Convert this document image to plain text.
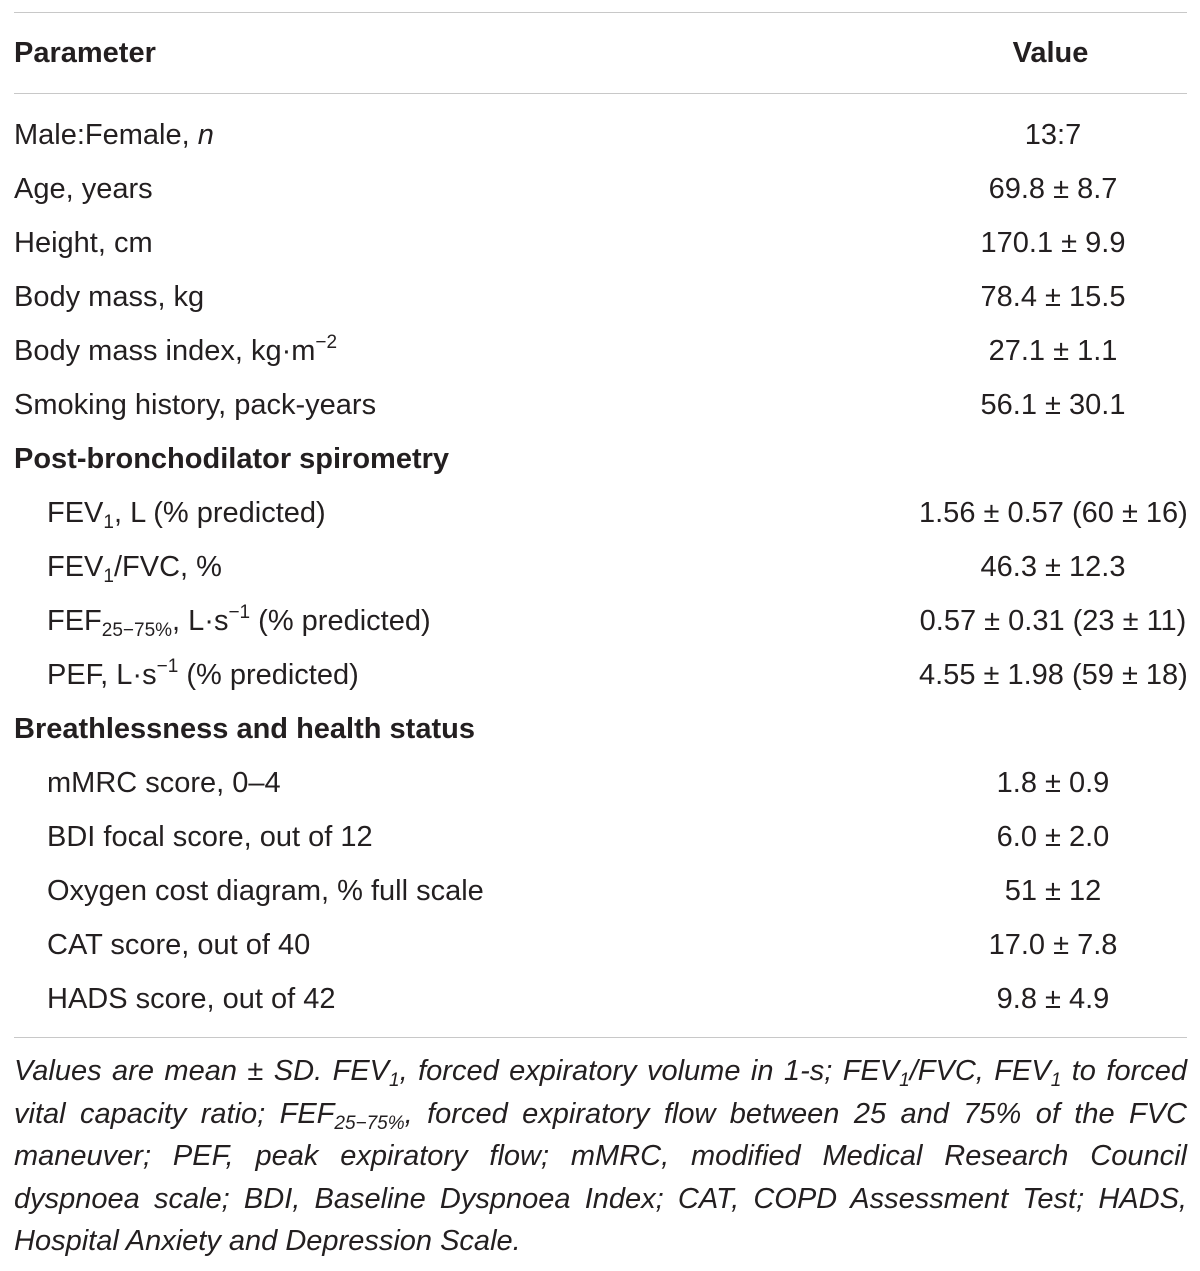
Parameter	Value

Male:Female, n	13:7
Age, years	69.8 ± 8.7
Height, cm	170.1 ± 9.9
Body mass, kg	78.4 ± 15.5
Body mass index, $kg\cdot m^{-2}$	27.1 ± 1.1
Smoking history, pack-years	56.1 ± 30.1
Post-bronchodilator spirometry	
$FEV_1$, L (% predicted)	1.56 ± 0.57 (60 ± 16)
$FEV_1$/FVC, %	46.3 ± 12.3
$FEF_{25-75\%}$, $L\cdot s^{-1}$ (% predicted)	0.57 ± 0.31 (23 ± 11)
PEF, $L\cdot s^{-1}$ (% predicted)	4.55 ± 1.98 (59 ± 18)
Breathlessness and health status	
mMRC score, 0–4	1.8 ± 0.9
BDI focal score, out of 12	6.0 ± 2.0
Oxygen cost diagram, % full scale	51 ± 12
CAT score, out of 40	17.0 ± 7.8
HADS score, out of 42	9.8 ± 4.9
Values are mean ± SD. $FEV_1$, forced expiratory volume in 1-s; $FEV_1$/FVC, $FEV_1$ to forced vital capacity ratio; $FEF_{25-75\%}$, forced expiratory flow between 25 and 75% of the FVC maneuver; PEF, peak expiratory flow; mMRC, modified Medical Research Council dyspnoea scale; BDI, Baseline Dyspnoea Index; CAT, COPD Assessment Test; HADS, Hospital Anxiety and Depression Scale.
